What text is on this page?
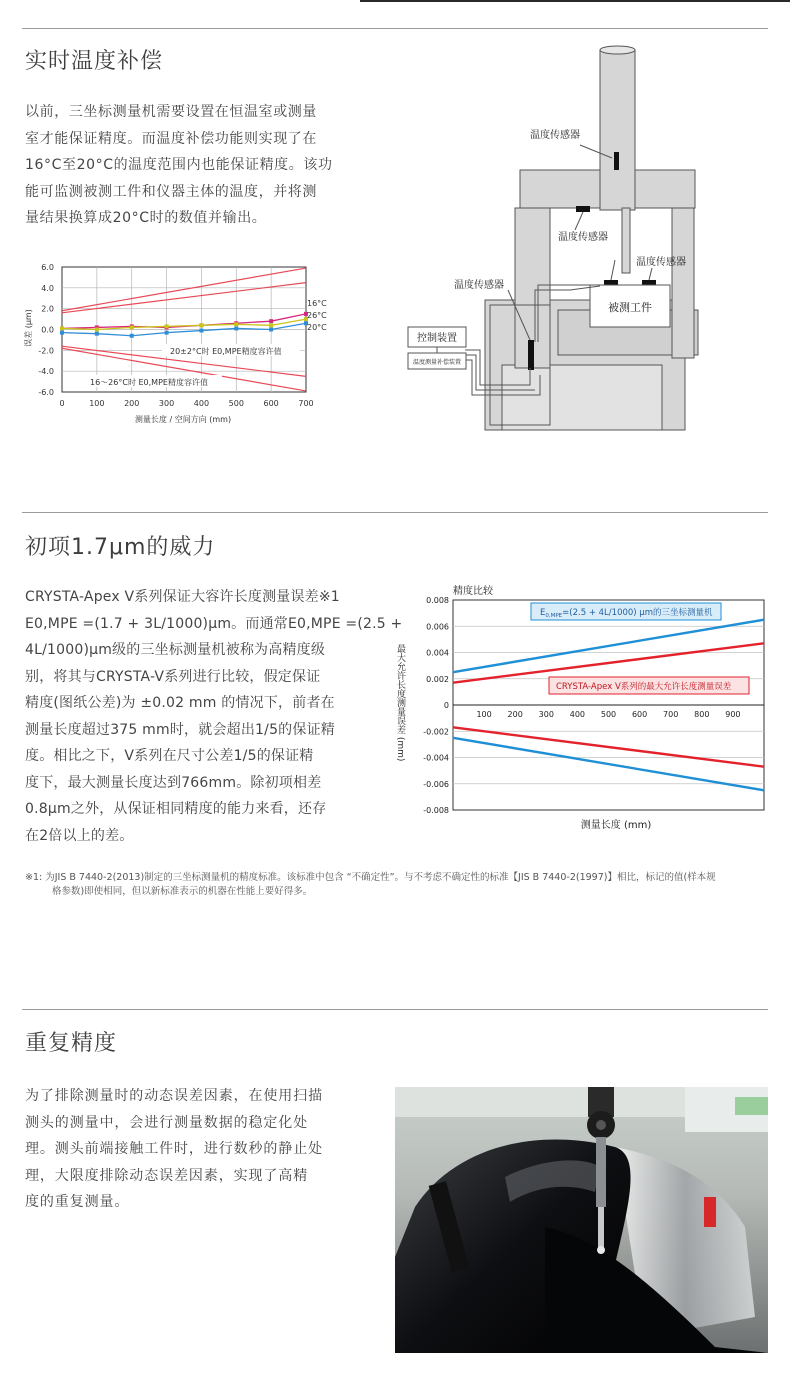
实时温度补偿
以前，三坐标测量机需要设置在恒温室或测量
室才能保证精度。而温度补偿功能则实现了在
16°C至20°C的温度范围内也能保证精度。该功
能可监测被测工件和仪器主体的温度，并将测
量结果换算成20°C时的数值并输出。
6.0
4.0
2.0
0.0
-2.0
-4.0
-6.0
0	100 200 300 400 500 600 700
16°C
26°C
20°C
20±2°C时 E0,MPE精度容许值
16～26°C时 E0,MPE精度容许值
误差 (μm)
测量长度 / 空间方向 (mm)
被测工件
控制装置
温度测量补偿装置
温度传感器
温度传感器
温度传感器
温度传感器
初项1.7μm的威力
CRYSTA-Apex V系列保证大容许长度测量误差※1
E0,MPE =(1.7 + 3L/1000)μm。而通常E0,MPE =(2.5 +
4L/1000)μm级的三坐标测量机被称为高精度级
别，将其与CRYSTA-V系列进行比较，假定保证
精度(图纸公差)为 ±0.02 mm 的情况下，前者在
测量长度超过375 mm时，就会超出1/5的保证精
度。相比之下，V系列在尺寸公差1/5的保证精
度下，最大测量长度达到766mm。除初项相差
0.8μm之外，从保证相同精度的能力来看，还存
在2倍以上的差。
0.008
0.006
0.004
0.002
0
-0.002
-0.004
-0.006
-0.008
100 200 300 400 500 600 700 800 900
精度比较
测量长度 (mm)
最大允许长度测量误差 (mm)
$E_{0,MPE}=(2.5 + 4L/1000)$ μm的三坐标测量机
CRYSTA-Apex V系列的最大允许长度测量误差
※1: 为JIS B 7440-2(2013)制定的三坐标测量机的精度标准。该标准中包含 “不确定性”。与不考虑不确定性的标准【JIS B 7440-2(1997)】相比，标记的值(样本规
格参数)即使相同，但以新标准表示的机器在性能上要好得多。
重复精度
为了排除测量时的动态误差因素，在使用扫描
测头的测量中，会进行测量数据的稳定化处
理。测头前端接触工件时，进行数秒的静止处
理，大限度排除动态误差因素，实现了高精
度的重复测量。
